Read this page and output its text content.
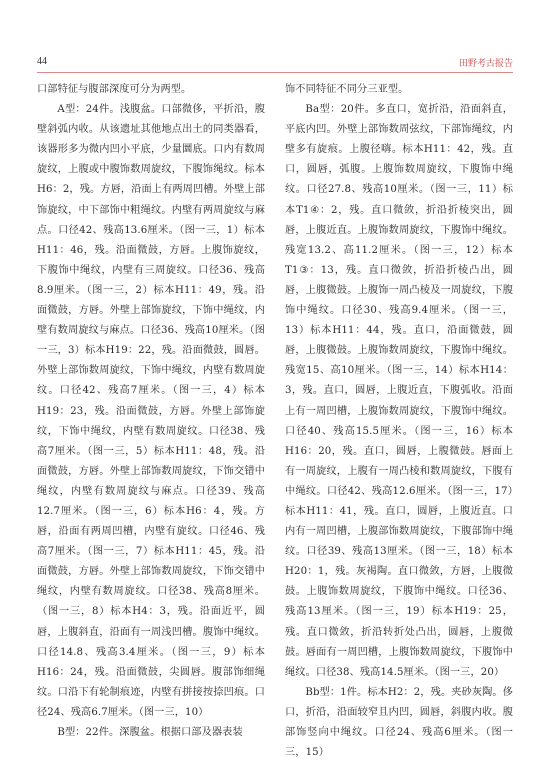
44	田野考古报告

口部特征与腹部深度可分为两型。

A型：24件。浅腹盆。口部微侈，平折沿，腹壁斜弧内收。从该遗址其他地点出土的同类器看，该器形多为微内凹小平底，少量圜底。口内有数周旋纹，上腹或中腹饰数周旋纹，下腹饰绳纹。标本H6：2，残。方唇，沿面上有两周凹槽。外壁上部饰旋纹，中下部饰中粗绳纹。内壁有两周旋纹与麻点。口径42、残高13.6厘米。（图一三，1）标本H11：46，残。沿面微鼓，方唇。上腹饰旋纹，下腹饰中绳纹，内壁有三周旋纹。口径36、残高8.9厘米。（图一三，2）标本H11：49，残。沿面微鼓，方唇。外壁上部饰旋纹，下饰中绳纹，内壁有数周旋纹与麻点。口径36、残高10厘米。（图一三，3）标本H19：22，残。沿面微鼓，圆唇。外壁上部饰数周旋纹，下饰中绳纹，内壁有数周旋纹。口径42、残高7厘米。（图一三，4）标本H19：23，残。沿面微鼓，方唇。外壁上部饰旋纹，下饰中绳纹，内壁有数周旋纹。口径38、残高7厘米。（图一三，5）标本H11：48，残。沿面微鼓，方唇。外壁上部饰数周旋纹，下饰交错中绳纹，内壁有数周旋纹与麻点。口径39、残高12.7厘米。（图一三，6）标本H6：4，残。方唇，沿面有两周凹槽，内壁有旋纹。口径46、残高7厘米。（图一三，7）标本H11：45，残。沿面微鼓，方唇。外壁上部饰数周旋纹，下饰交错中绳纹，内壁有数周旋纹。口径38、残高8厘米。（图一三，8）标本H4：3，残。沿面近平，圆唇，上腹斜直，沿面有一周浅凹槽。腹饰中绳纹。口径14.8、残高3.4厘米。（图一三，9）标本H16：24，残。沿面微鼓，尖圆唇。腹部饰细绳纹。口沿下有轮制痕迹，内壁有拼接按捺凹痕。口径24、残高6.7厘米。（图一三，10）

B型：22件。深腹盆。根据口部及器表装

饰不同特征不同分三亚型。

Ba型：20件。多直口，宽折沿，沿面斜直，平底内凹。外壁上部饰数周弦纹，下部饰绳纹，内壁多有旋痕。上腹径嗨。标本H11：42，残。直口，圆唇，弧腹。上腹饰数周旋纹，下腹饰中绳纹。口径27.8、残高10厘米。（图一三，11）标本T1④：2，残。直口微敛，折沿折棱突出，圆唇，上腹近直。上腹饰数周旋纹，下腹饰中绳纹。残宽13.2、高11.2厘米。（图一三，12）标本T1③：13，残。直口微敛，折沿折棱凸出，圆唇，上腹微鼓。上腹饰一周凸棱及一周旋纹，下腹饰中绳纹。口径30、残高9.4厘米。（图一三，13）标本H11：44，残。直口，沿面微鼓，圆唇，上腹微鼓。上腹饰数周旋纹，下腹饰中绳纹。残宽15、高10厘米。（图一三，14）标本H14：3，残。直口，圆唇，上腹近直，下腹弧收。沿面上有一周凹槽，上腹饰数周旋纹，下腹饰中绳纹。口径40、残高15.5厘米。（图一三，16）标本H16：20，残。直口，圆唇，上腹微鼓。唇面上有一周旋纹，上腹有一周凸棱和数周旋纹，下腹有中绳纹。口径42、残高12.6厘米。（图一三，17）标本H11：41，残。直口，圆唇，上腹近直。口内有一周凹槽，上腹部饰数周旋纹，下腹部饰中绳纹。口径39、残高13厘米。（图一三，18）标本H20：1，残。灰褐陶。直口微敛，方唇，上腹微鼓。上腹饰数周旋纹，下腹饰中绳纹。口径36、残高13厘米。（图一三，19）标本H19：25，残。直口微敛，折沿转折处凸出，圆唇，上腹微鼓。唇面有一周凹槽，上腹饰数周旋纹，下腹饰中绳纹。口径38、残高14.5厘米。（图一三，20）

Bb型：1件。标本H2：2，残。夹砂灰陶。侈口，折沿，沿面较窄且内凹，圆唇，斜腹内收。腹部饰竖向中绳纹。口径24、残高6厘米。（图一三，15）
